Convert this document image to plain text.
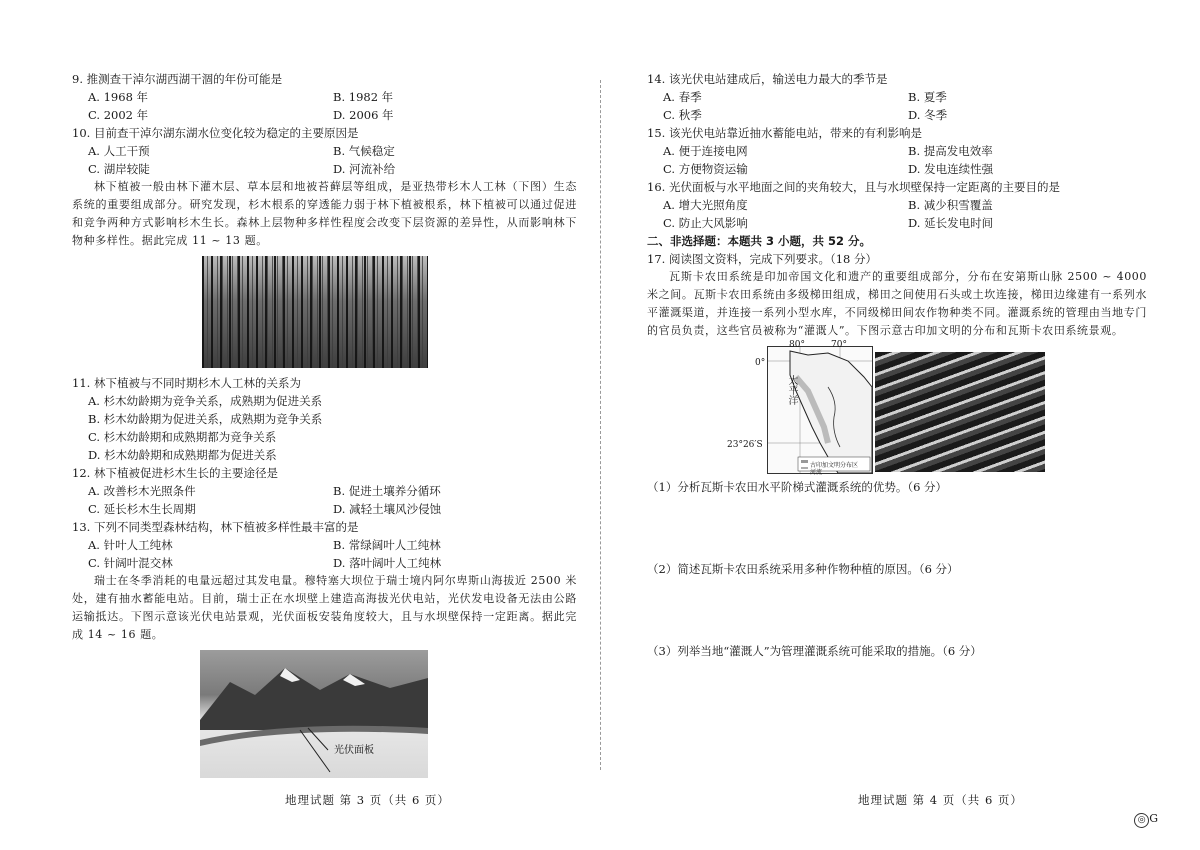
9. 推测查干淖尔湖西湖干涸的年份可能是

A. 1968 年	B. 1982 年
C. 2002 年	D. 2006 年

10. 目前查干淖尔湖东湖水位变化较为稳定的主要原因是

A. 人工干预	B. 气候稳定
C. 湖岸较陡	D. 河流补给

林下植被一般由林下灌木层、草本层和地被苔藓层等组成，是亚热带杉木人工林（下图）生态系统的重要组成部分。研究发现，杉木根系的穿透能力弱于林下植被根系，林下植被可以通过促进和竞争两种方式影响杉木生长。森林上层物种多样性程度会改变下层资源的差异性，从而影响林下物种多样性。据此完成 11 ~ 13 题。

11. 林下植被与不同时期杉木人工林的关系为

A. 杉木幼龄期为竞争关系，成熟期为促进关系
B. 杉木幼龄期为促进关系，成熟期为竞争关系
C. 杉木幼龄期和成熟期都为竞争关系
D. 杉木幼龄期和成熟期都为促进关系

12. 林下植被促进杉木生长的主要途径是

A. 改善杉木光照条件	B. 促进土壤养分循环
C. 延长杉木生长周期	D. 减轻土壤风沙侵蚀

13. 下列不同类型森林结构，林下植被多样性最丰富的是

A. 针叶人工纯林	B. 常绿阔叶人工纯林
C. 针阔叶混交林	D. 落叶阔叶人工纯林

瑞士在冬季消耗的电量远超过其发电量。穆特塞大坝位于瑞士境内阿尔卑斯山海拔近 2500 米处，建有抽水蓄能电站。目前，瑞士正在水坝壁上建造高海拔光伏电站，光伏发电设备无法由公路运输抵达。下图示意该光伏电站景观，光伏面板安装角度较大，且与水坝壁保持一定距离。据此完成 14 ~ 16 题。

光伏面板
地理试题 第 3 页（共 6 页）

14. 该光伏电站建成后，输送电力最大的季节是

A. 春季	B. 夏季
C. 秋季	D. 冬季

15. 该光伏电站靠近抽水蓄能电站，带来的有利影响是

A. 便于连接电网	B. 提高发电效率
C. 方便物资运输	D. 发电连续性强

16. 光伏面板与水平地面之间的夹角较大，且与水坝壁保持一定距离的主要目的是

A. 增大光照角度	B. 减少积雪覆盖
C. 防止大风影响	D. 延长发电时间

二、非选择题：本题共 3 小题，共 52 分。

17. 阅读图文资料，完成下列要求。（18 分）

瓦斯卡农田系统是印加帝国文化和遗产的重要组成部分，分布在安第斯山脉 2500 ~ 4000 米之间。瓦斯卡农田系统由多级梯田组成，梯田之间使用石头或土坎连接，梯田边缘建有一系列水平灌溉渠道，并连接一系列小型水库，不同级梯田间农作物种类不同。灌溉系统的管理由当地专门的官员负责，这些官员被称为“灌溉人”。下图示意古印加文明的分布和瓦斯卡农田系统景观。

太平洋
古印加文明分布区
河流
80°	70°
0°
23°26′S

（1）分析瓦斯卡农田水平阶梯式灌溉系统的优势。（6 分）

（2）简述瓦斯卡农田系统采用多种作物种植的原因。（6 分）

（3）列举当地“灌溉人”为管理灌溉系统可能采取的措施。（6 分）

地理试题 第 4 页（共 6 页）
◎ G
